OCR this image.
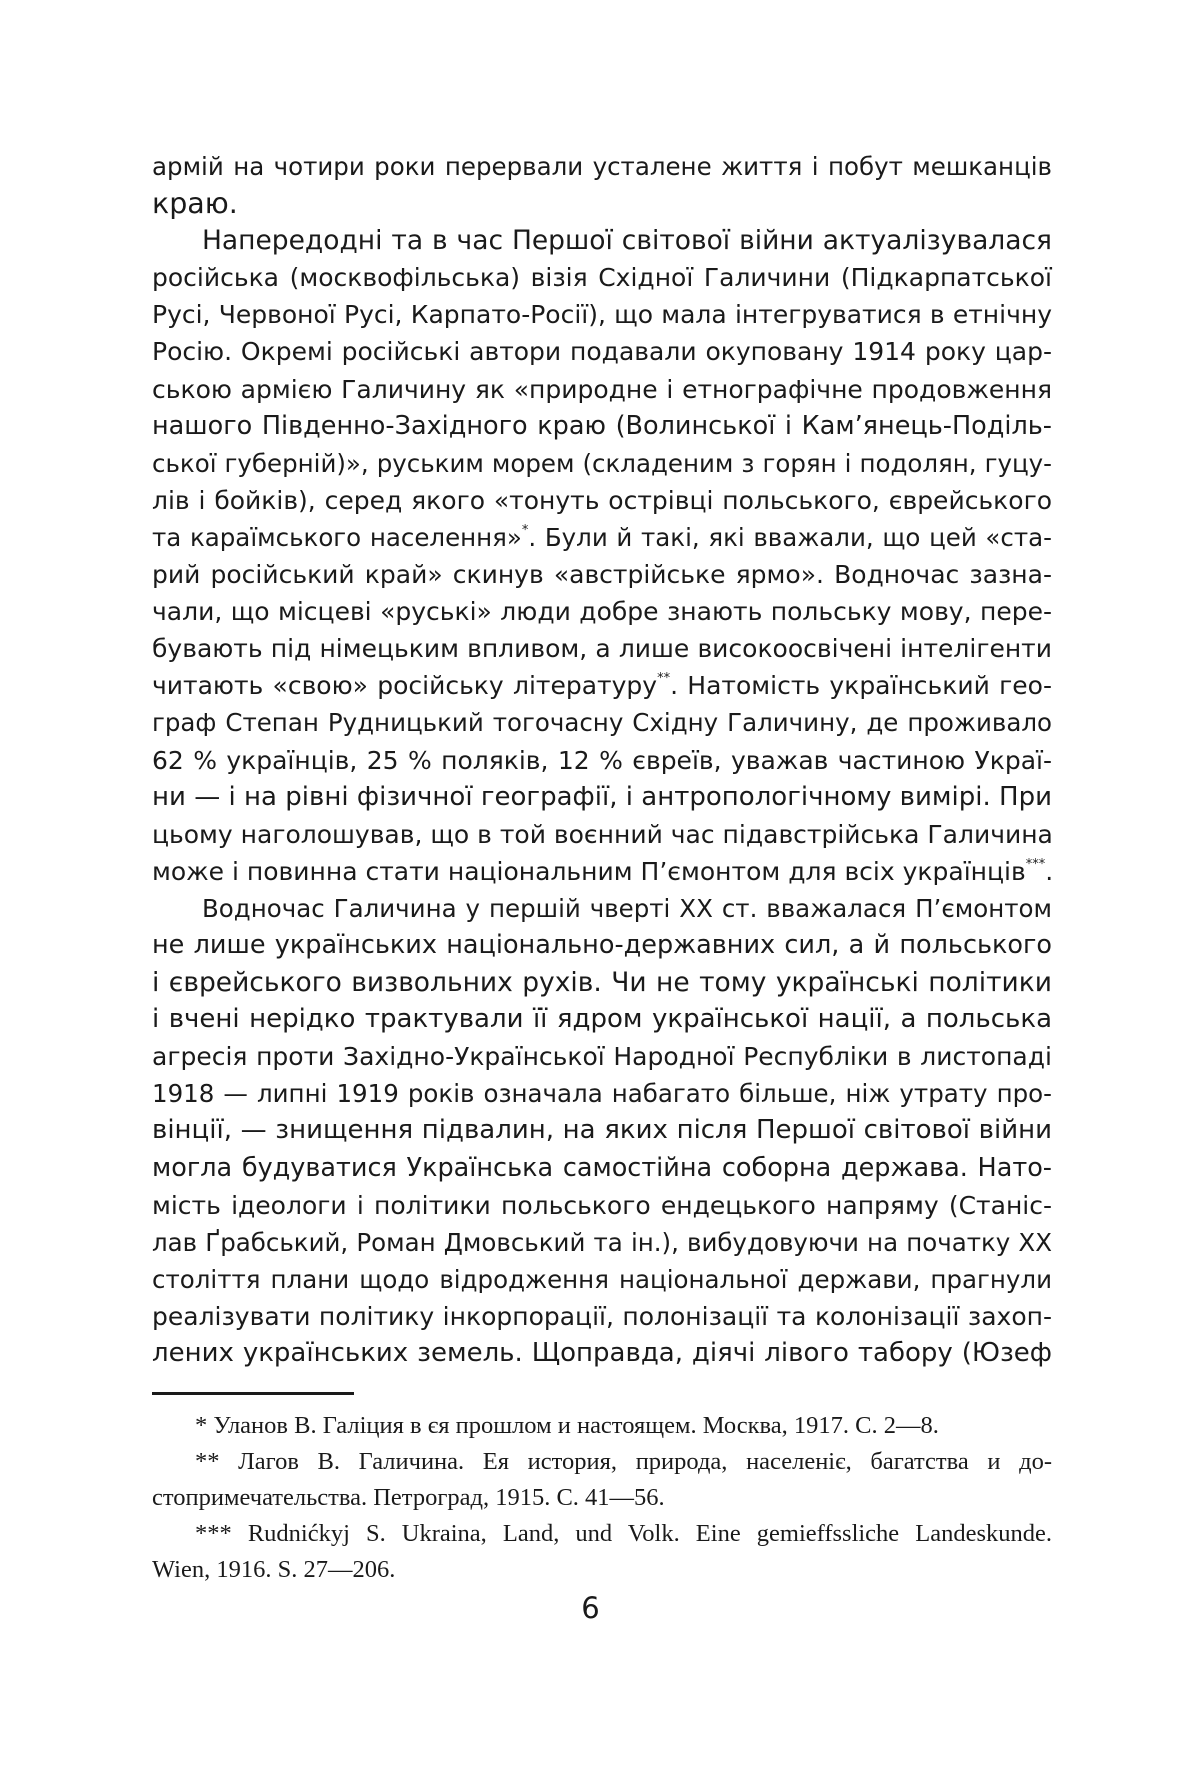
армій на чотири роки перервали усталене життя і побут мешканців
краю.
Напередодні та в час Першої світової війни актуалізувалася
російська (москвофільська) візія Східної Галичини (Підкарпатської
Русі, Червоної Русі, Карпато-Росії), що мала інтегруватися в етнічну
Росію. Окремі російські автори подавали окуповану 1914 року цар-
ською армією Галичину як «природне і етнографічне продовження
нашого Південно-Західного краю (Волинської і Кам’янець-Поділь-
ської губерній)», руським морем (складеним з горян і подолян, гуцу-
лів і бойків), серед якого «тонуть острівці польського, єврейського
та караїмського населення»*. Були й такі, які вважали, що цей «ста-
рий російський край» скинув «австрійське ярмо». Водночас зазна-
чали, що місцеві «руські» люди добре знають польську мову, пере-
бувають під німецьким впливом, а лише високоосвічені інтелігенти
читають «свою» російську літературу**. Натомість український гео-
граф Степан Рудницький тогочасну Східну Галичину, де проживало
62 % українців, 25 % поляків, 12 % євреїв, уважав частиною Украї-
ни — і на рівні фізичної географії, і антропологічному вимірі. При
цьому наголошував, що в той воєнний час підавстрійська Галичина
може і повинна стати національним П’ємонтом для всіх українців***.
Водночас Галичина у першій чверті XX ст. вважалася П’ємонтом
не лише українських національно-державних сил, а й польського
і єврейського визвольних рухів. Чи не тому українські політики
і вчені нерідко трактували її ядром української нації, а польська
агресія проти Західно-Української Народної Республіки в листопаді
1918 — липні 1919 років означала набагато більше, ніж утрату про-
вінції, — знищення підвалин, на яких після Першої світової війни
могла будуватися Українська самостійна соборна держава. Нато-
мість ідеологи і політики польського ендецького напряму (Станіс-
лав Ґрабський, Роман Дмовський та ін.), вибудовуючи на початку XX
століття плани щодо відродження національної держави, прагнули
реалізувати політику інкорпорації, полонізації та колонізації захоп-
лених українських земель. Щоправда, діячі лівого табору (Юзеф
* Уланов В. Галіция в єя прошлом и настоящем. Москва, 1917. С. 2—8.
** Лагов В. Галичина. Ея история, природа, населеніє, багатства и до-
стопримечательства. Петроград, 1915. С. 41—56.
*** Rudnićkyj S. Ukraina, Land, und Volk. Eine gemieffssliche Landeskunde.
Wien, 1916. S. 27—206.
6
